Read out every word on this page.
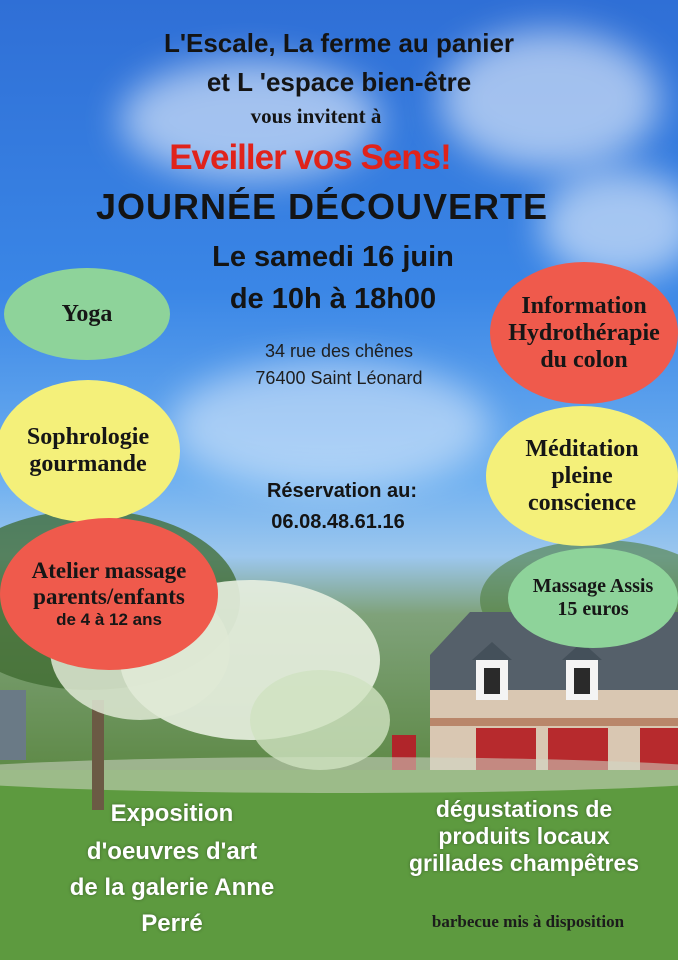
L'Escale, La ferme au panier
et L 'espace bien-être
vous invitent à
Eveiller vos Sens!
JOURNÉE DÉCOUVERTE
Le samedi 16 juin
de 10h à 18h00
34 rue des chênes
76400 Saint Léonard
Réservation au:
06.08.48.61.16
Yoga
Sophrologie
gourmande
Atelier massage
parents/enfants
de 4 à 12 ans
Information
Hydrothérapie
du colon
Méditation
pleine
conscience
Massage Assis
15 euros
Exposition
d'oeuvres d'art
de la galerie Anne
Perré
dégustations de
produits locaux
grillades champêtres
barbecue mis à disposition
